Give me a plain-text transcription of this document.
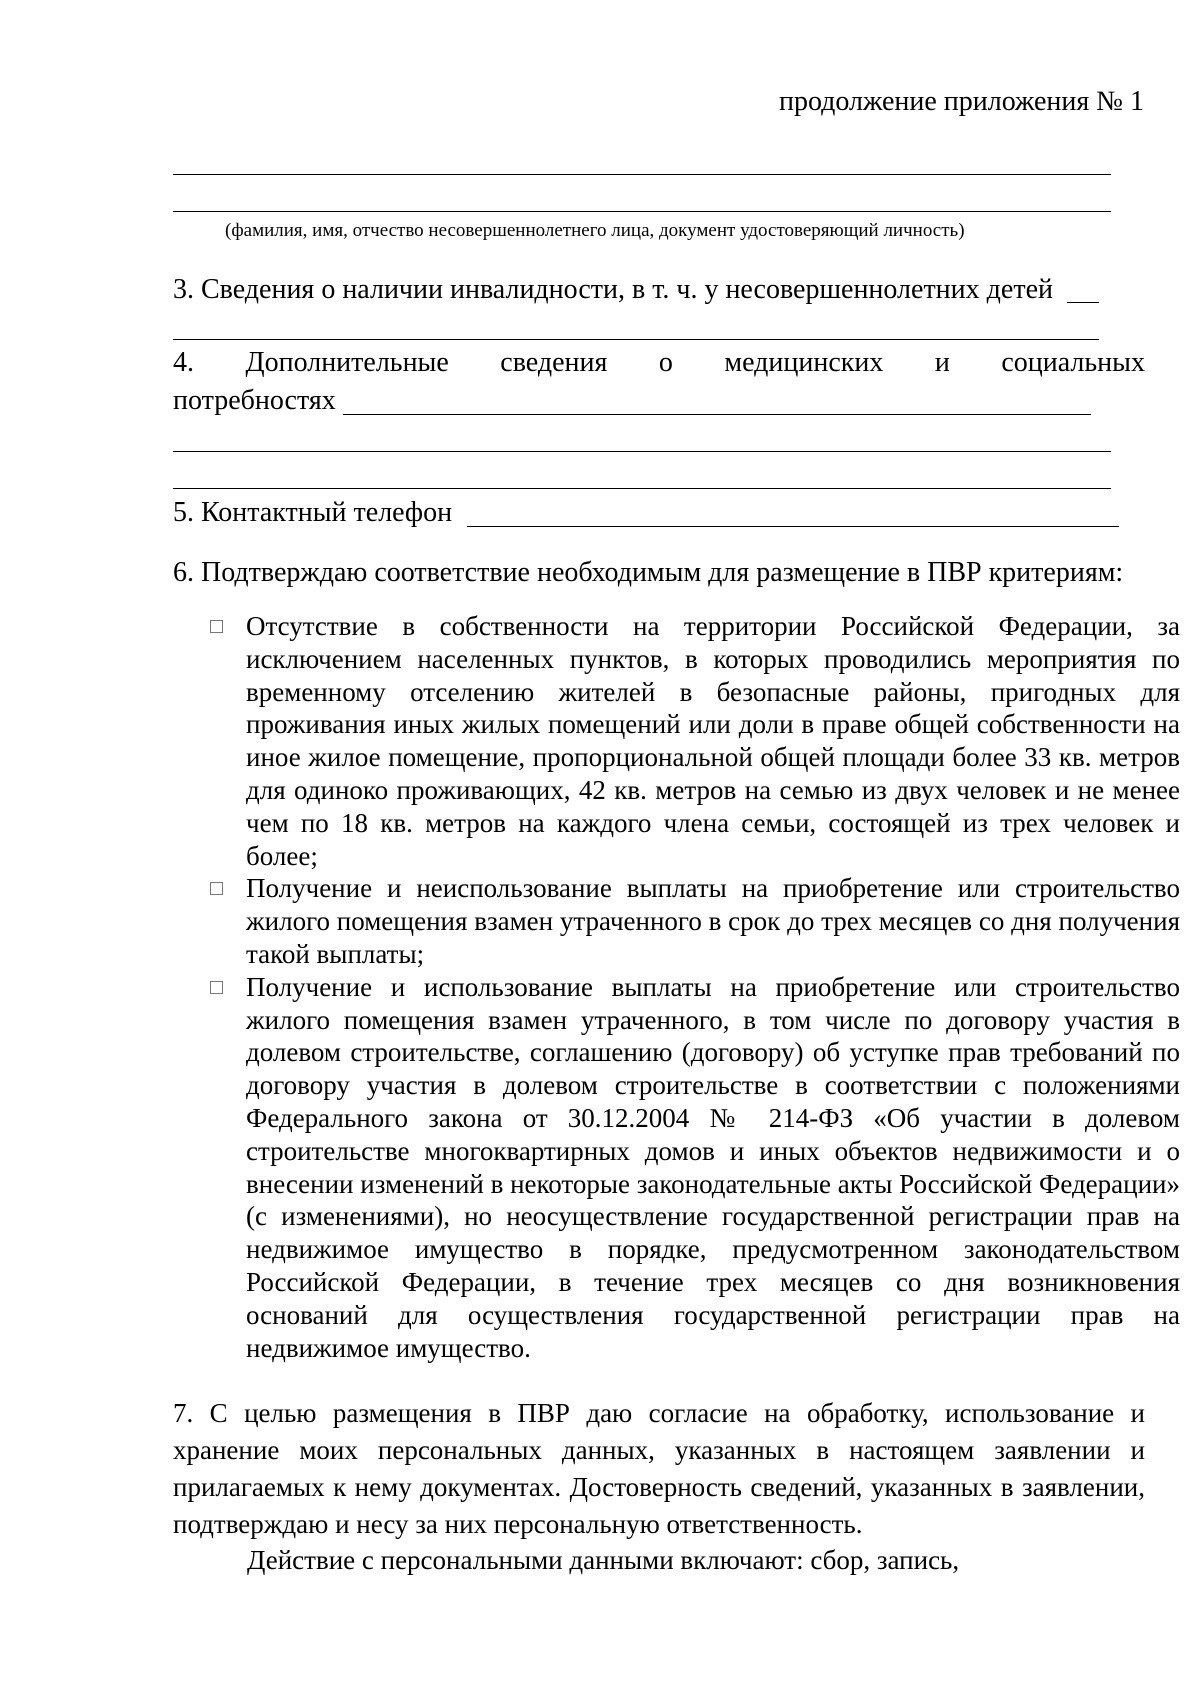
продолжение приложения № 1
(фамилия, имя, отчество несовершеннолетнего лица, документ удостоверяющий личность)
3. Сведения о наличии инвалидности, в т. ч. у несовершеннолетних детей
4. Дополнительные сведения о медицинских и социальных
потребностях
5. Контактный телефон
6. Подтверждаю соответствие необходимым для размещение в ПВР критериям:
Отсутствие в собственности на территории Российской Федерации, за исключением населенных пунктов, в которых проводились мероприятия по временному отселению жителей в безопасные районы, пригодных для проживания иных жилых помещений или доли в праве общей собственности на иное жилое помещение, пропорциональной общей площади более 33 кв. метров для одиноко проживающих, 42 кв. метров на семью из двух человек и не менее чем по 18 кв. метров на каждого члена семьи, состоящей из трех человек и более;
Получение и неиспользование выплаты на приобретение или строительство жилого помещения взамен утраченного в срок до трех месяцев со дня получения такой выплаты;
Получение и использование выплаты на приобретение или строительство жилого помещения взамен утраченного, в том числе по договору участия в долевом строительстве, соглашению (договору) об уступке прав требований по договору участия в долевом строительстве в соответствии с положениями Федерального закона от 30.12.2004 № 214-ФЗ «Об участии в долевом строительстве многоквартирных домов и иных объектов недвижимости и о внесении изменений в некоторые законодательные акты Российской Федерации» (с изменениями), но неосуществление государственной регистрации прав на недвижимое имущество в порядке, предусмотренном законодательством Российской Федерации, в течение трех месяцев со дня возникновения оснований для осуществления государственной регистрации прав на недвижимое имущество.
7. С целью размещения в ПВР даю согласие на обработку, использование и хранение моих персональных данных, указанных в настоящем заявлении и прилагаемых к нему документах. Достоверность сведений, указанных в заявлении, подтверждаю и несу за них персональную ответственность.
Действие с персональными данными включают: сбор, запись,
